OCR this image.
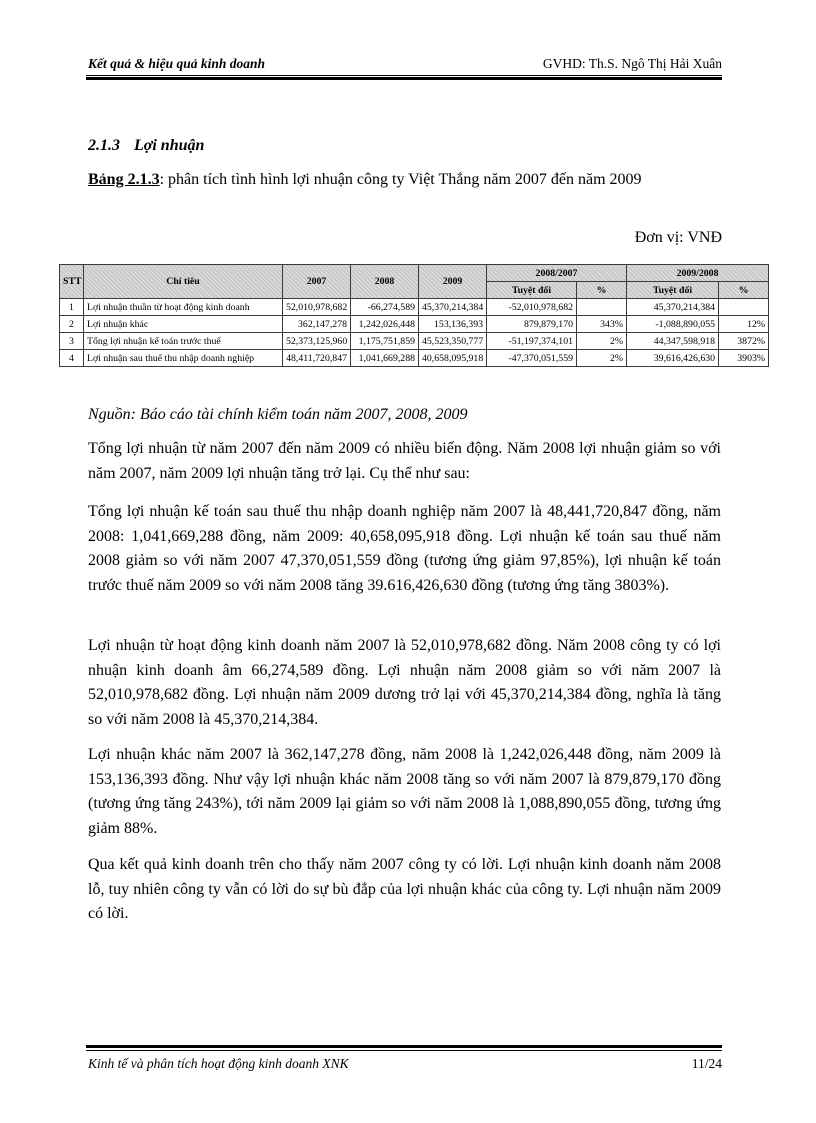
Kết quả & hiệu quả kinh doanh	GVHD: Th.S. Ngô Thị Hải Xuân
2.1.3 Lợi nhuận
Bảng 2.1.3: phân tích tình hình lợi nhuận công ty Việt Thắng năm 2007 đến năm 2009
Đơn vị: VNĐ
STT	Chỉ tiêu	2007	2008	2009	2008/2007		2009/2008	
					Tuyệt đối	%	Tuyệt đối	%
1	Lợi nhuận thuần từ hoạt động kinh doanh	52,010,978,682	-66,274,589	45,370,214,384	-52,010,978,682		45,370,214,384	
2	Lợi nhuận khác	362,147,278	1,242,026,448	153,136,393	879,879,170	343%	-1,088,890,055	12%
3	Tổng lợi nhuận kế toán trước thuế	52,373,125,960	1,175,751,859	45,523,350,777	-51,197,374,101	2%	44,347,598,918	3872%
4	Lợi nhuận sau thuế thu nhập doanh nghiệp	48,411,720,847	1,041,669,288	40,658,095,918	-47,370,051,559	2%	39,616,426,630	3903%
Nguồn: Báo cáo tài chính kiểm toán năm 2007, 2008, 2009

Tổng lợi nhuận từ năm 2007 đến năm 2009 có nhiều biến động. Năm 2008 lợi nhuận giảm so với năm 2007, năm 2009 lợi nhuận tăng trở lại. Cụ thể như sau:

Tổng lợi nhuận kế toán sau thuế thu nhập doanh nghiệp năm 2007 là 48,441,720,847 đồng, năm 2008: 1,041,669,288 đồng, năm 2009: 40,658,095,918 đồng. Lợi nhuận kế toán sau thuế năm 2008 giảm so với năm 2007 47,370,051,559 đồng (tương ứng giảm 97,85%), lợi nhuận kế toán trước thuế năm 2009 so với năm 2008 tăng 39.616,426,630 đồng (tương ứng tăng 3803%).

Lợi nhuận từ hoạt động kinh doanh năm 2007 là 52,010,978,682 đồng. Năm 2008 công ty có lợi nhuận kinh doanh âm 66,274,589 đồng. Lợi nhuận năm 2008 giảm so với năm 2007 là 52,010,978,682 đồng. Lợi nhuận năm 2009 dương trở lại với 45,370,214,384 đồng, nghĩa là tăng so với năm 2008 là 45,370,214,384.

Lợi nhuận khác năm 2007 là 362,147,278 đồng, năm 2008 là 1,242,026,448 đồng, năm 2009 là 153,136,393 đồng. Như vậy lợi nhuận khác năm 2008 tăng so với năm 2007 là 879,879,170 đồng (tương ứng tăng 243%), tới năm 2009 lại giảm so với năm 2008 là 1,088,890,055 đồng, tương ứng giảm 88%.

Qua kết quả kinh doanh trên cho thấy năm 2007 công ty có lời. Lợi nhuận kinh doanh năm 2008 lỗ, tuy nhiên công ty vẫn có lời do sự bù đắp của lợi nhuận khác của công ty. Lợi nhuận năm 2009 có lời.

Kinh tế và phân tích hoạt động kinh doanh XNK	11/24
